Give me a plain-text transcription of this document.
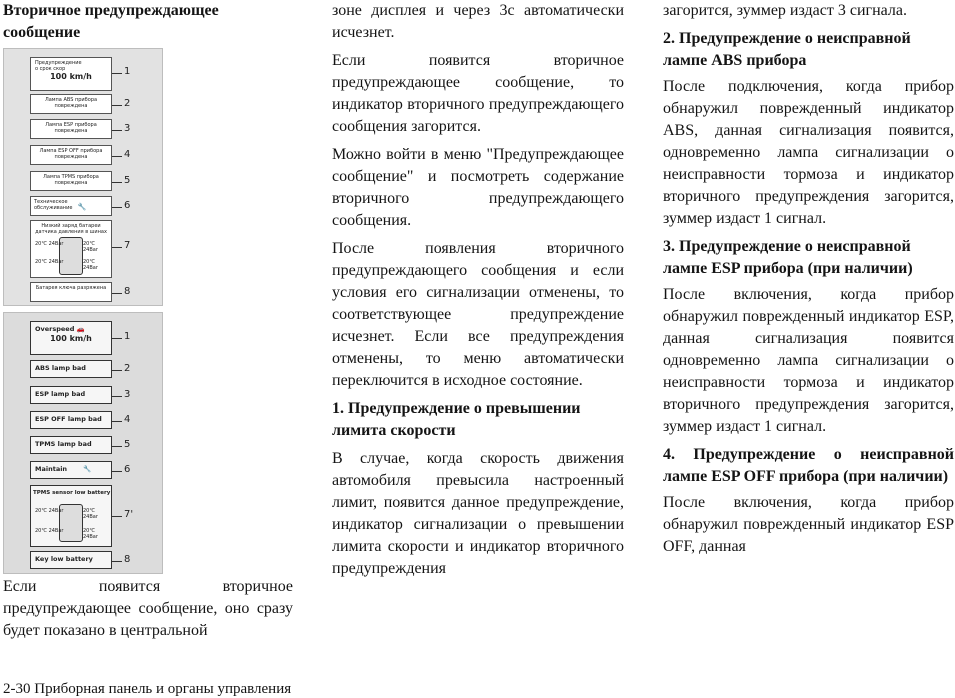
Вторичное предупреждающее сообщение

Предупреждение
о срок скор
100 km/h	1
Лампа ABS прибора повреждена	2
Лампа ESP прибора повреждена	3
Лампа ESP OFF прибора повреждена	4
Лампа TPMS прибора повреждена	5
Техническое обслуживание 🔧	6
Низкий заряд батареи датчика давления в шинах
20℃ 24Bar	20℃ 24Bar
20℃ 24Bar	20℃ 24Bar
7
Батарея ключа разряжена	8
Overspeed 🚗
100 km/h	1
ABS lamp bad	2
ESP lamp bad	3
ESP OFF lamp bad	4
TPMS lamp bad	5
Maintain	🔧	6
TPMS sensor low battery
20℃ 24Bar	20℃ 24Bar
20℃ 24Bar	20℃ 24Bar
7'
Key low battery	8

Если появится вторичное предупреждающее сообщение, оно сразу будет показано в центральной

зоне дисплея и через 3с автоматически исчезнет.

Если появится вторичное предупреждающее сообщение, то индикатор вторичного предупреждающего сообщения загорится.

Можно войти в меню "Предупреждающее сообщение" и посмотреть содержание вторичного предупреждающего сообщения.

После появления вторичного предупреждающего сообщения и если условия его сигнализации отменены, то соответствующее предупреждение исчезнет. Если все предупреждения отменены, то меню автоматически переключится в исходное состояние.

1. Предупреждение о превышении лимита скорости

В случае, когда скорость движения автомобиля превысила настроенный лимит, появится данное предупреждение, индикатор сигнализации о превышении лимита скорости и индикатор вторичного предупреждения

загорится, зуммер издаст 3 сигнала.

2. Предупреждение о неисправной лампе ABS прибора

После подключения, когда прибор обнаружил поврежденный индикатор ABS, данная сигнализация появится, одновременно лампа сигнализации о неисправности тормоза и индикатор вторичного предупреждения загорится, зуммер издаст 1 сигнал.

3. Предупреждение о неисправной лампе ESP прибора (при наличии)

После включения, когда прибор обнаружил поврежденный индикатор ESP, данная сигнализация появится одновременно лампа сигнализации о неисправности тормоза и индикатор вторичного предупреждения загорится, зуммер издаст 1 сигнал.

4. Предупреждение о неисправной лампе ESP OFF прибора (при наличии)

После включения, когда прибор обнаружил поврежденный индикатор ESP OFF, данная

2-30 Приборная панель и органы управления
